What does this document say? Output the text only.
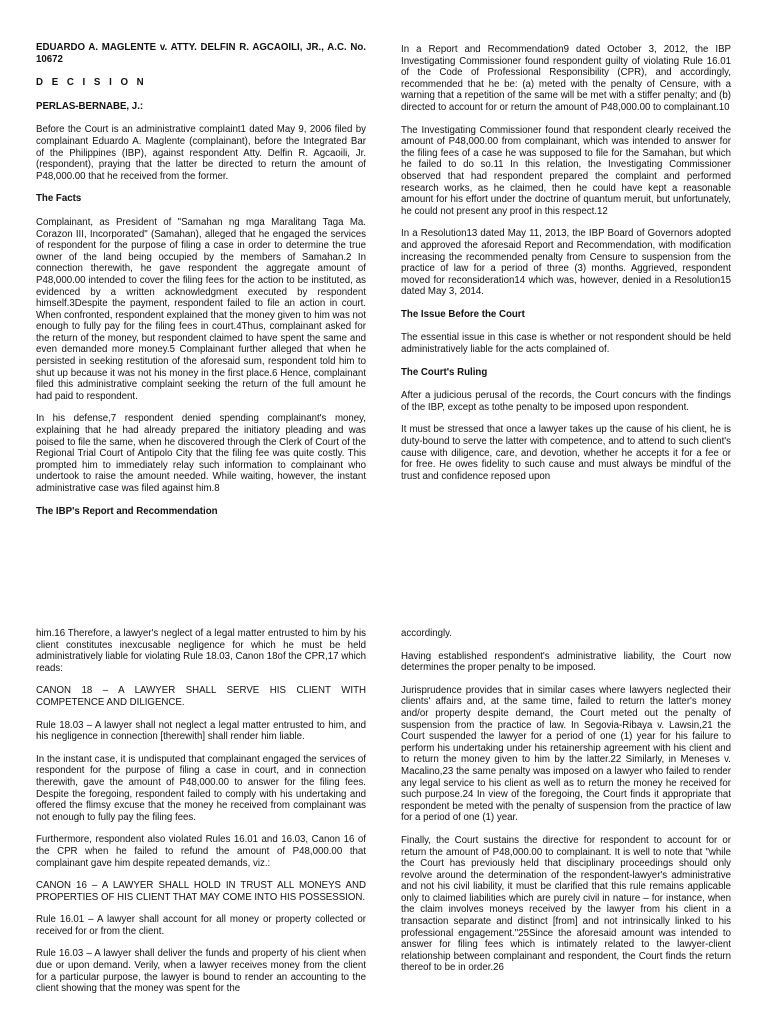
EDUARDO A. MAGLENTE v. ATTY. DELFIN R. AGCAOILI, JR., A.C. No. 10672

D E C I S I O N

PERLAS-BERNABE, J.:

Before the Court is an administrative complaint1 dated May 9, 2006 filed by complainant Eduardo A. Maglente (complainant), before the Integrated Bar of the Philippines (IBP), against respondent Atty. Delfin R. Agcaoili, Jr. (respondent), praying that the latter be directed to return the amount of P48,000.00 that he received from the former.

The Facts

Complainant, as President of "Samahan ng mga Maralitang Taga Ma. Corazon III, Incorporated" (Samahan), alleged that he engaged the services of respondent for the purpose of filing a case in order to determine the true owner of the land being occupied by the members of Samahan.2 In connection therewith, he gave respondent the aggregate amount of P48,000.00 intended to cover the filing fees for the action to be instituted, as evidenced by a written acknowledgment executed by respondent himself.3Despite the payment, respondent failed to file an action in court. When confronted, respondent explained that the money given to him was not enough to fully pay for the filing fees in court.4Thus, complainant asked for the return of the money, but respondent claimed to have spent the same and even demanded more money.5 Complainant further alleged that when he persisted in seeking restitution of the aforesaid sum, respondent told him to shut up because it was not his money in the first place.6 Hence, complainant filed this administrative complaint seeking the return of the full amount he had paid to respondent.

In his defense,7 respondent denied spending complainant's money, explaining that he had already prepared the initiatory pleading and was poised to file the same, when he discovered through the Clerk of Court of the Regional Trial Court of Antipolo City that the filing fee was quite costly. This prompted him to immediately relay such information to complainant who undertook to raise the amount needed. While waiting, however, the instant administrative case was filed against him.8

The IBP's Report and Recommendation

In a Report and Recommendation9 dated October 3, 2012, the IBP Investigating Commissioner found respondent guilty of violating Rule 16.01 of the Code of Professional Responsibility (CPR), and accordingly, recommended that he be: (a) meted with the penalty of Censure, with a warning that a repetition of the same will be met with a stiffer penalty; and (b) directed to account for or return the amount of P48,000.00 to complainant.10

The Investigating Commissioner found that respondent clearly received the amount of P48,000.00 from complainant, which was intended to answer for the filing fees of a case he was supposed to file for the Samahan, but which he failed to do so.11 In this relation, the Investigating Commissioner observed that had respondent prepared the complaint and performed research works, as he claimed, then he could have kept a reasonable amount for his effort under the doctrine of quantum meruit, but unfortunately, he could not present any proof in this respect.12

In a Resolution13 dated May 11, 2013, the IBP Board of Governors adopted and approved the aforesaid Report and Recommendation, with modification increasing the recommended penalty from Censure to suspension from the practice of law for a period of three (3) months. Aggrieved, respondent moved for reconsideration14 which was, however, denied in a Resolution15 dated May 3, 2014.

The Issue Before the Court

The essential issue in this case is whether or not respondent should be held administratively liable for the acts complained of.

The Court's Ruling

After a judicious perusal of the records, the Court concurs with the findings of the IBP, except as tothe penalty to be imposed upon respondent.

It must be stressed that once a lawyer takes up the cause of his client, he is duty-bound to serve the latter with competence, and to attend to such client's cause with diligence, care, and devotion, whether he accepts it for a fee or for free. He owes fidelity to such cause and must always be mindful of the trust and confidence reposed upon

him.16 Therefore, a lawyer's neglect of a legal matter entrusted to him by his client constitutes inexcusable negligence for which he must be held administratively liable for violating Rule 18.03, Canon 18of the CPR,17 which reads:

CANON 18 – A LAWYER SHALL SERVE HIS CLIENT WITH COMPETENCE AND DILIGENCE.

Rule 18.03 – A lawyer shall not neglect a legal matter entrusted to him, and his negligence in connection [therewith] shall render him liable.

In the instant case, it is undisputed that complainant engaged the services of respondent for the purpose of filing a case in court, and in connection therewith, gave the amount of P48,000.00 to answer for the filing fees. Despite the foregoing, respondent failed to comply with his undertaking and offered the flimsy excuse that the money he received from complainant was not enough to fully pay the filing fees.

Furthermore, respondent also violated Rules 16.01 and 16.03, Canon 16 of the CPR when he failed to refund the amount of P48,000.00 that complainant gave him despite repeated demands, viz.:

CANON 16 – A LAWYER SHALL HOLD IN TRUST ALL MONEYS AND PROPERTIES OF HIS CLIENT THAT MAY COME INTO HIS POSSESSION.

Rule 16.01 – A lawyer shall account for all money or property collected or received for or from the client.

Rule 16.03 – A lawyer shall deliver the funds and property of his client when due or upon demand. Verily, when a lawyer receives money from the client for a particular purpose, the lawyer is bound to render an accounting to the client showing that the money was spent for the

accordingly.

Having established respondent's administrative liability, the Court now determines the proper penalty to be imposed.

Jurisprudence provides that in similar cases where lawyers neglected their clients' affairs and, at the same time, failed to return the latter's money and/or property despite demand, the Court meted out the penalty of suspension from the practice of law. In Segovia-Ribaya v. Lawsin,21 the Court suspended the lawyer for a period of one (1) year for his failure to perform his undertaking under his retainership agreement with his client and to return the money given to him by the latter.22 Similarly, in Meneses v. Macalino,23 the same penalty was imposed on a lawyer who failed to render any legal service to his client as well as to return the money he received for such purpose.24 In view of the foregoing, the Court finds it appropriate that respondent be meted with the penalty of suspension from the practice of law for a period of one (1) year.

Finally, the Court sustains the directive for respondent to account for or return the amount of P48,000.00 to complainant. It is well to note that "while the Court has previously held that disciplinary proceedings should only revolve around the determination of the respondent-lawyer's administrative and not his civil liability, it must be clarified that this rule remains applicable only to claimed liabilities which are purely civil in nature – for instance, when the claim involves moneys received by the lawyer from his client in a transaction separate and distinct [from] and not intrinsically linked to his professional engagement."25Since the aforesaid amount was intended to answer for filing fees which is intimately related to the lawyer-client relationship between complainant and respondent, the Court finds the return thereof to be in order.26
